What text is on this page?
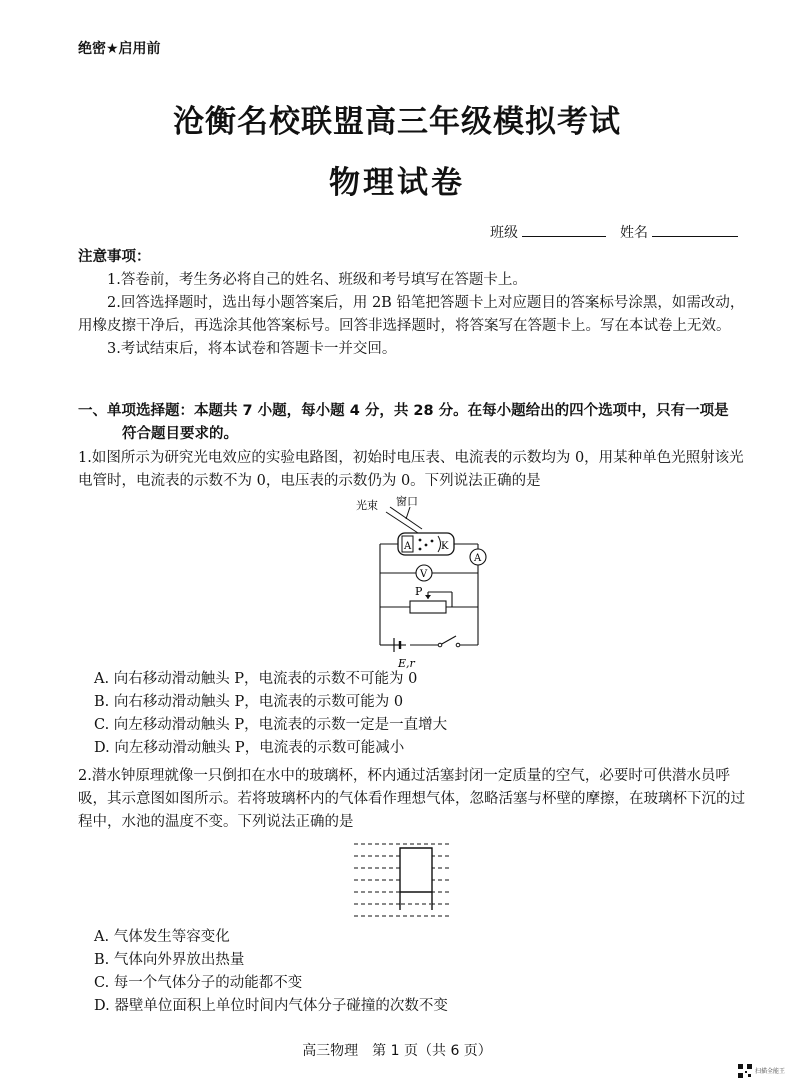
绝密★启用前
沧衡名校联盟高三年级模拟考试
物理试卷
班级	姓名
注意事项：

1.答卷前，考生务必将自己的姓名、班级和考号填写在答题卡上。

2.回答选择题时，选出每小题答案后，用 2B 铅笔把答题卡上对应题目的答案标号涂黑，如需改动，用橡皮擦干净后，再选涂其他答案标号。回答非选择题时，将答案写在答题卡上。写在本试卷上无效。

3.考试结束后，将本试卷和答题卡一并交回。

一、单项选择题：本题共 7 小题，每小题 4 分，共 28 分。在每小题给出的四个选项中，只有一项是
符合题目要求的。
1.如图所示为研究光电效应的实验电路图，初始时电压表、电流表的示数均为 0，用某种单色光照射该光电管时，电流表的示数不为 0，电压表的示数仍为 0。下列说法正确的是
光束 窗口
A	K
A
V
P
E,r
A. 向右移动滑动触头 P，电流表的示数不可能为 0
B. 向右移动滑动触头 P，电流表的示数可能为 0
C. 向左移动滑动触头 P，电流表的示数一定是一直增大
D. 向左移动滑动触头 P，电流表的示数可能减小
2.潜水钟原理就像一只倒扣在水中的玻璃杯，杯内通过活塞封闭一定质量的空气，必要时可供潜水员呼吸，其示意图如图所示。若将玻璃杯内的气体看作理想气体，忽略活塞与杯壁的摩擦，在玻璃杯下沉的过程中，水池的温度不变。下列说法正确的是
A. 气体发生等容变化
B. 气体向外界放出热量
C. 每一个气体分子的动能都不变
D. 器壁单位面积上单位时间内气体分子碰撞的次数不变
高三物理　第 1 页（共 6 页）
扫描全能王
